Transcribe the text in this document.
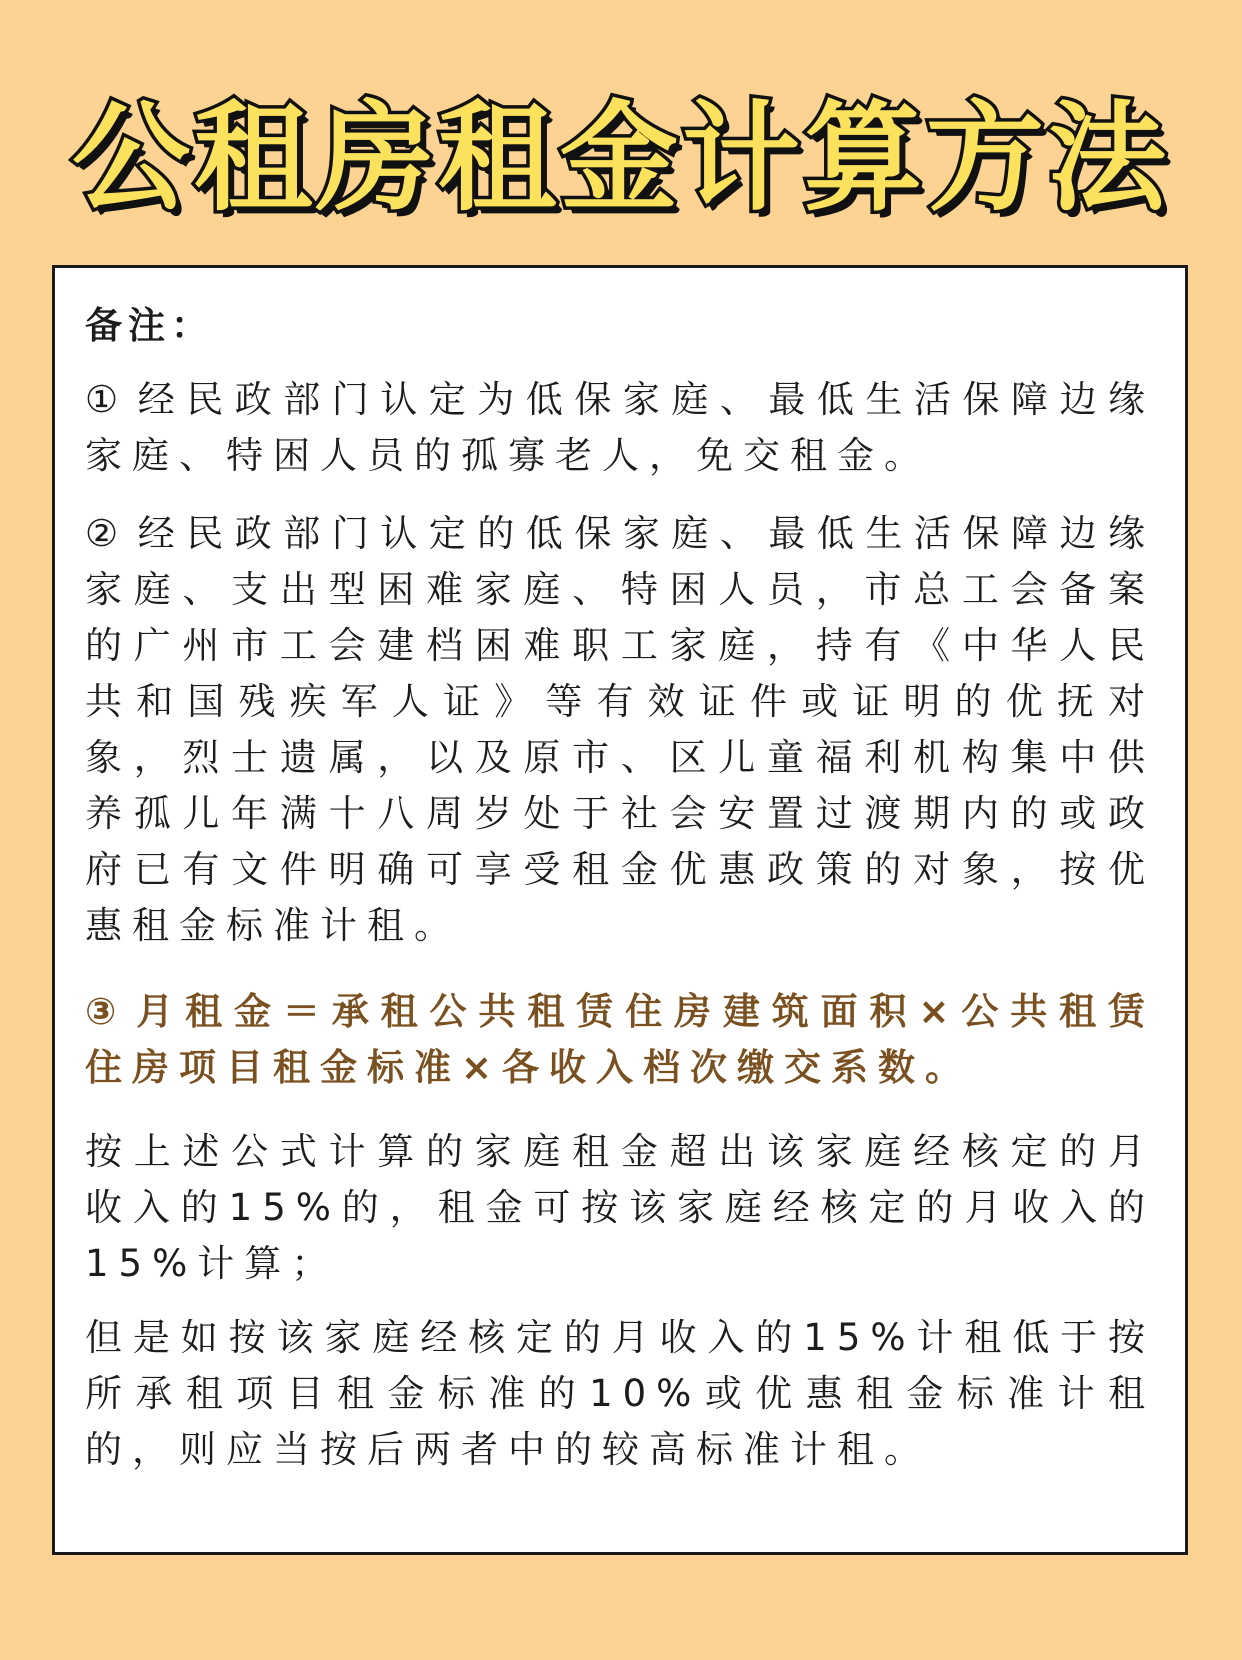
公租房租金计算方法

备注：

① 经民政部门认定为低保家庭、最低生活保障边缘家庭、特困人员的孤寡老人，免交租金。

② 经民政部门认定的低保家庭、最低生活保障边缘家庭、支出型困难家庭、特困人员，市总工会备案的广州市工会建档困难职工家庭，持有《中华人民共和国残疾军人证》等有效证件或证明的优抚对象，烈士遗属，以及原市、区儿童福利机构集中供养孤儿年满十八周岁处于社会安置过渡期内的或政府已有文件明确可享受租金优惠政策的对象，按优惠租金标准计租。

③ 月租金＝承租公共租赁住房建筑面积×公共租赁住房项目租金标准×各收入档次缴交系数。

按上述公式计算的家庭租金超出该家庭经核定的月收入的15%的，租金可按该家庭经核定的月收入的15%计算；

但是如按该家庭经核定的月收入的15%计租低于按所承租项目租金标准的10%或优惠租金标准计租的，则应当按后两者中的较高标准计租。
